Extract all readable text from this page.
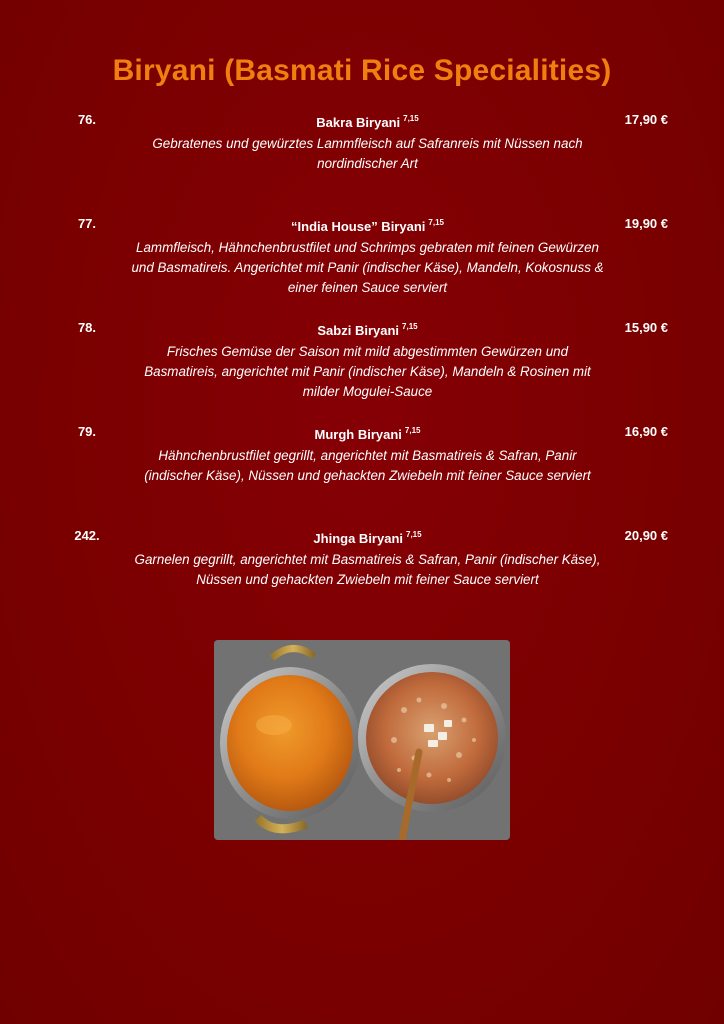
Biryani (Basmati Rice Specialities)
76.	Bakra Biryani $^{7,15}$	17,90 €
Gebratenes und gewürztes Lammfleisch auf Safranreis mit Nüssen nach nordindischer Art
77.	“India House” Biryani $^{7,15}$	19,90 €
Lammfleisch, Hähnchenbrustfilet und Schrimps gebraten mit feinen Gewürzen und Basmatireis. Angerichtet mit Panir (indischer Käse), Mandeln, Kokosnuss & einer feinen Sauce serviert
78.	Sabzi Biryani $^{7,15}$	15,90 €
Frisches Gemüse der Saison mit mild abgestimmten Gewürzen und Basmatireis, angerichtet mit Panir (indischer Käse), Mandeln & Rosinen mit milder Mogulei-Sauce
79.	Murgh Biryani $^{7,15}$	16,90 €
Hähnchenbrustfilet gegrillt, angerichtet mit Basmatireis & Safran, Panir (indischer Käse), Nüssen und gehackten Zwiebeln mit feiner Sauce serviert
242.	Jhinga Biryani $^{7,15}$	20,90 €
Garnelen gegrillt, angerichtet mit Basmatireis & Safran, Panir (indischer Käse), Nüssen und gehackten Zwiebeln mit feiner Sauce serviert
